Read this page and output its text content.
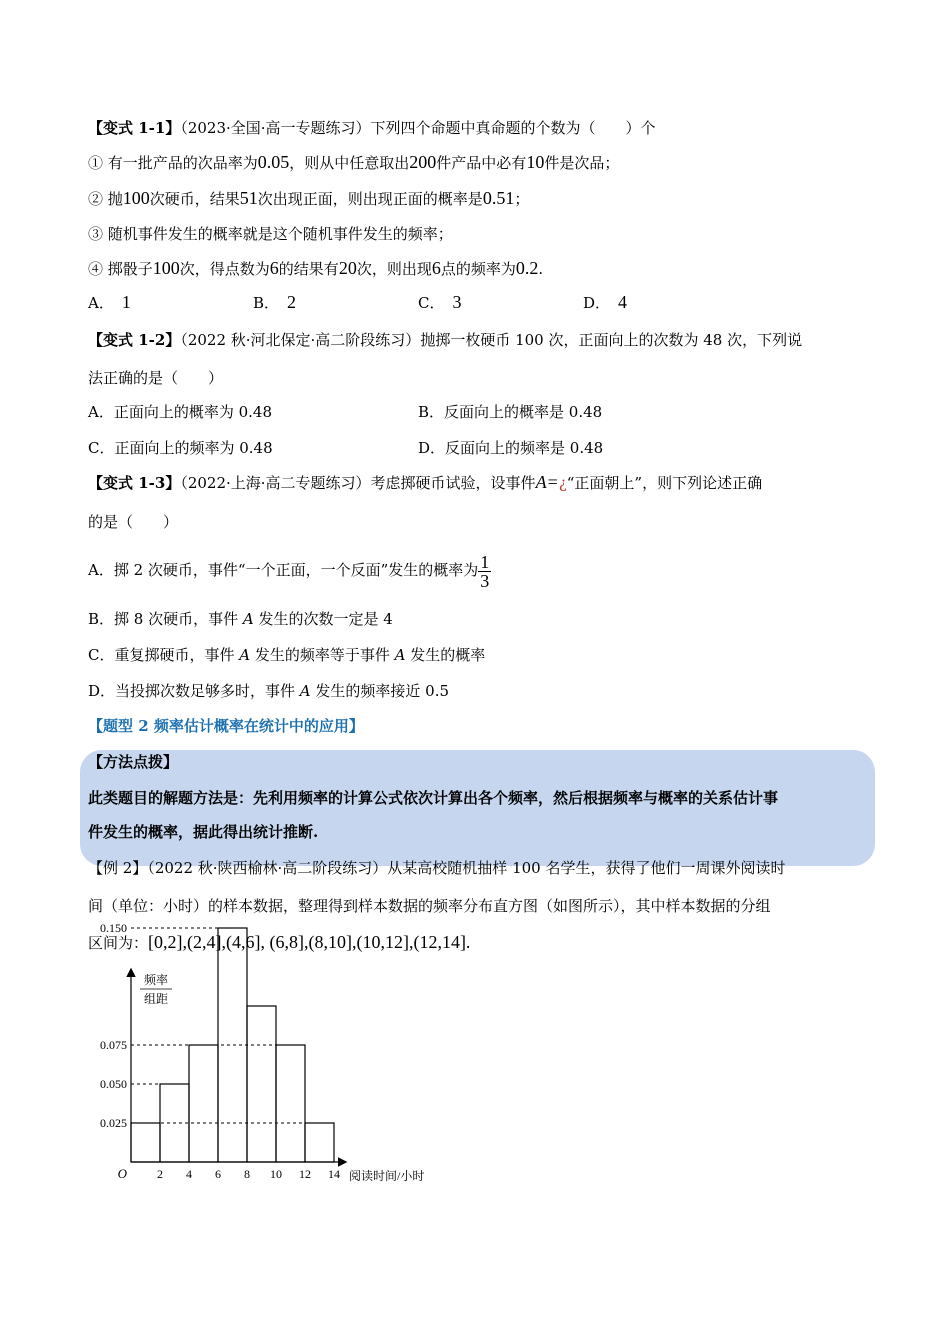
【变式 1-1】（2023·全国·高一专题练习）下列四个命题中真命题的个数为（　　）个
① 有一批产品的次品率为0.05，则从中任意取出200件产品中必有10件是次品；
② 抛100次硬币，结果51次出现正面，则出现正面的概率是0.51；
③ 随机事件发生的概率就是这个随机事件发生的频率；
④ 掷骰子100次，得点数为6的结果有20次，则出现6点的频率为0.2.
A． 1	B． 2	C． 3	D． 4
【变式 1-2】（2022 秋·河北保定·高二阶段练习）抛掷一枚硬币 100 次，正面向上的次数为 48 次，下列说
法正确的是（　　）
A．正面向上的概率为 0.48	B．反面向上的概率是 0.48
C．正面向上的频率为 0.48	D．反面向上的频率是 0.48
【变式 1-3】（2022·上海·高二专题练习）考虑掷硬币试验，设事件A=¿“正面朝上”，则下列论述正确
的是（　　）
A．掷 2 次硬币，事件“一个正面，一个反面”发生的概率为 $\frac{1}{3}$
B．掷 8 次硬币，事件 A 发生的次数一定是 4
C．重复掷硬币，事件 A 发生的频率等于事件 A 发生的概率
D．当投掷次数足够多时，事件 A 发生的频率接近 0.5
【题型 2 频率估计概率在统计中的应用】
【方法点拨】
此类题目的解题方法是：先利用频率的计算公式依次计算出各个频率，然后根据频率与概率的关系估计事
件发生的概率，据此得出统计推断.
【例 2】（2022 秋·陕西榆林·高二阶段练习）从某高校随机抽样 100 名学生，获得了他们一周课外阅读时
间（单位：小时）的样本数据，整理得到样本数据的频率分布直方图（如图所示），其中样本数据的分组
区间为：[0,2],(2,4],(4,6], (6,8],(8,10],(10,12],(12,14].
0.150
0.075
0.050
0.025
2 4 6 8 10 12 14
O
频率
组距
阅读时间/小时
